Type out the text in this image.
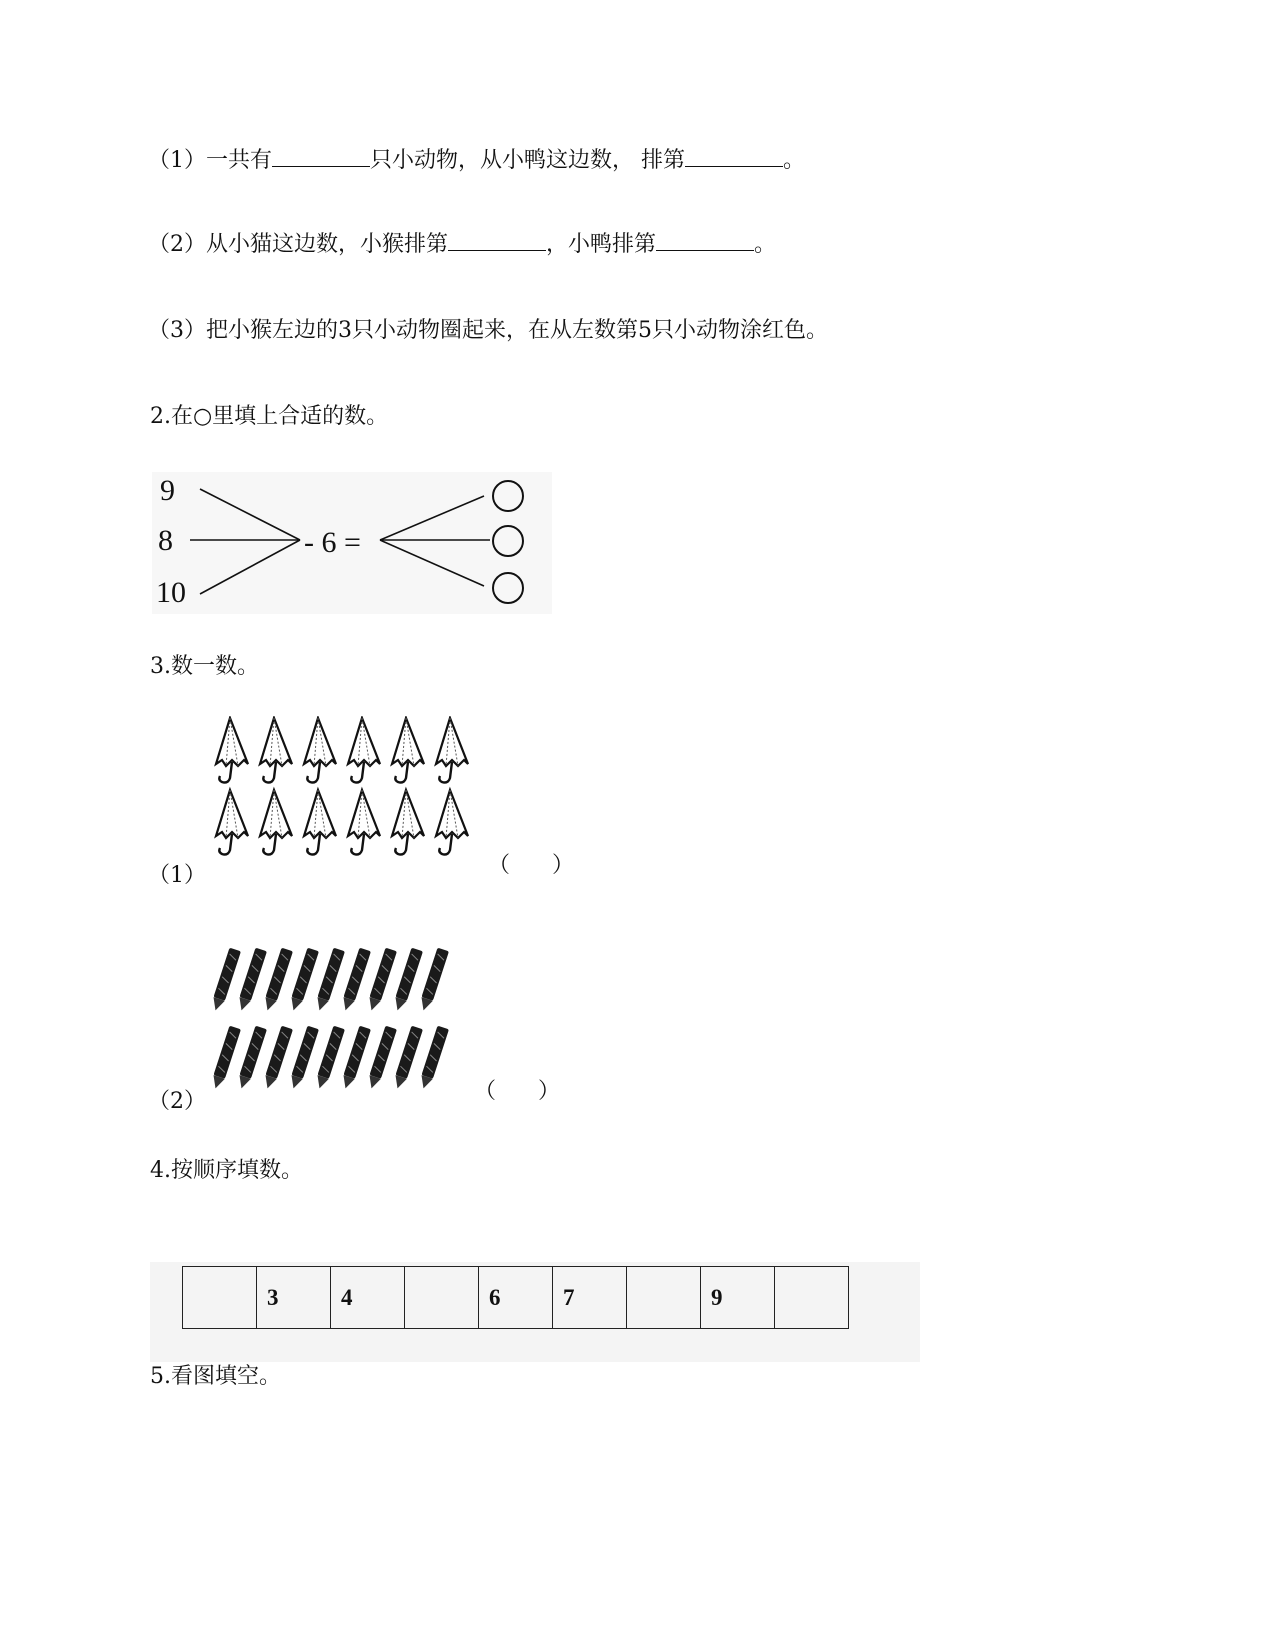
（1）一共有	只小动物，从小鸭这边数， 排第	。
（2）从小猫这边数，小猴排第	，小鸭排第	。
（3）把小猴左边的3只小动物圈起来，在从左数第5只小动物涂红色。
2.在○里填上合适的数。
9
8
10
- 6 =
3.数一数。
（1）	（      ）
（2）	（      ）
4.按顺序填数。
	3	4		6	7		9	
5.看图填空。
